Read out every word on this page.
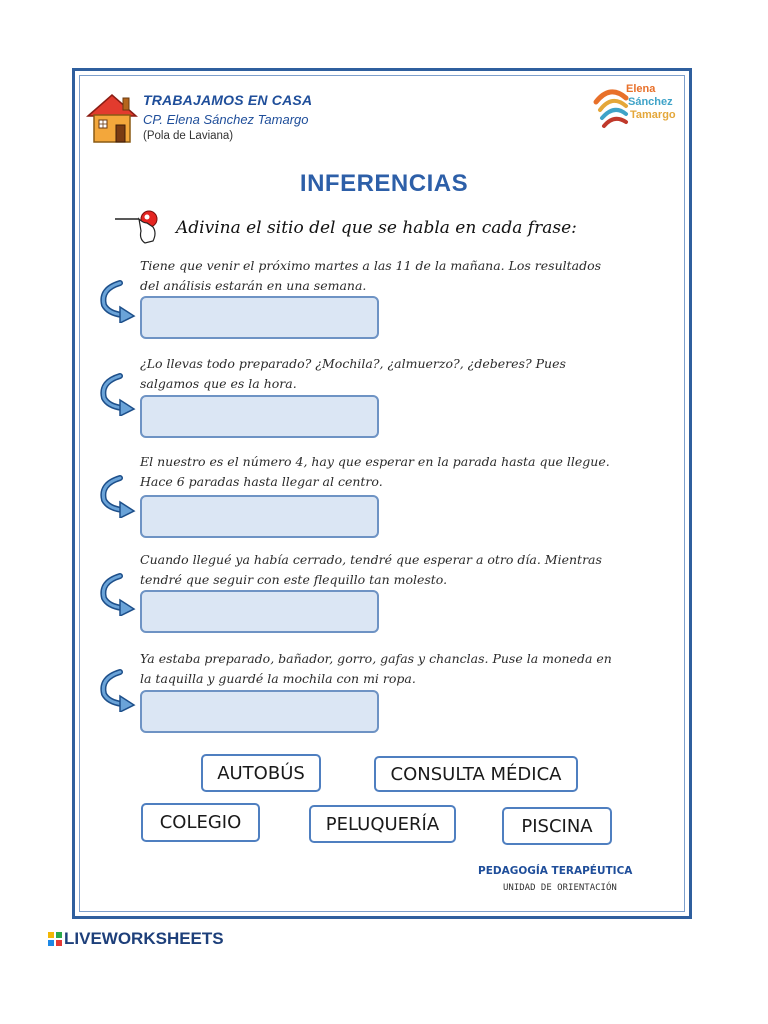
TRABAJAMOS EN CASA
CP. Elena Sánchez Tamargo
(Pola de Laviana)
Elena
Sánchez
Tamargo
INFERENCIAS
Adivina el sitio del que se habla en cada frase:
Tiene que venir el próximo martes a las 11 de la mañana. Los resultados del análisis estarán en una semana.
¿Lo llevas todo preparado? ¿Mochila?, ¿almuerzo?, ¿deberes? Pues salgamos que es la hora.
El nuestro es el número 4, hay que esperar en la parada hasta que llegue. Hace 6 paradas hasta llegar al centro.
Cuando llegué ya había cerrado, tendré que esperar a otro día. Mientras tendré que seguir con este flequillo tan molesto.
Ya estaba preparado, bañador, gorro, gafas y chanclas. Puse la moneda en la taquilla y guardé la mochila con mi ropa.
AUTOBÚS	CONSULTA MÉDICA
COLEGIO	PELUQUERÍA	PISCINA
PEDAGOGÍA TERAPÉUTICA
UNIDAD DE ORIENTACIÓN
LIVEWORKSHEETS
